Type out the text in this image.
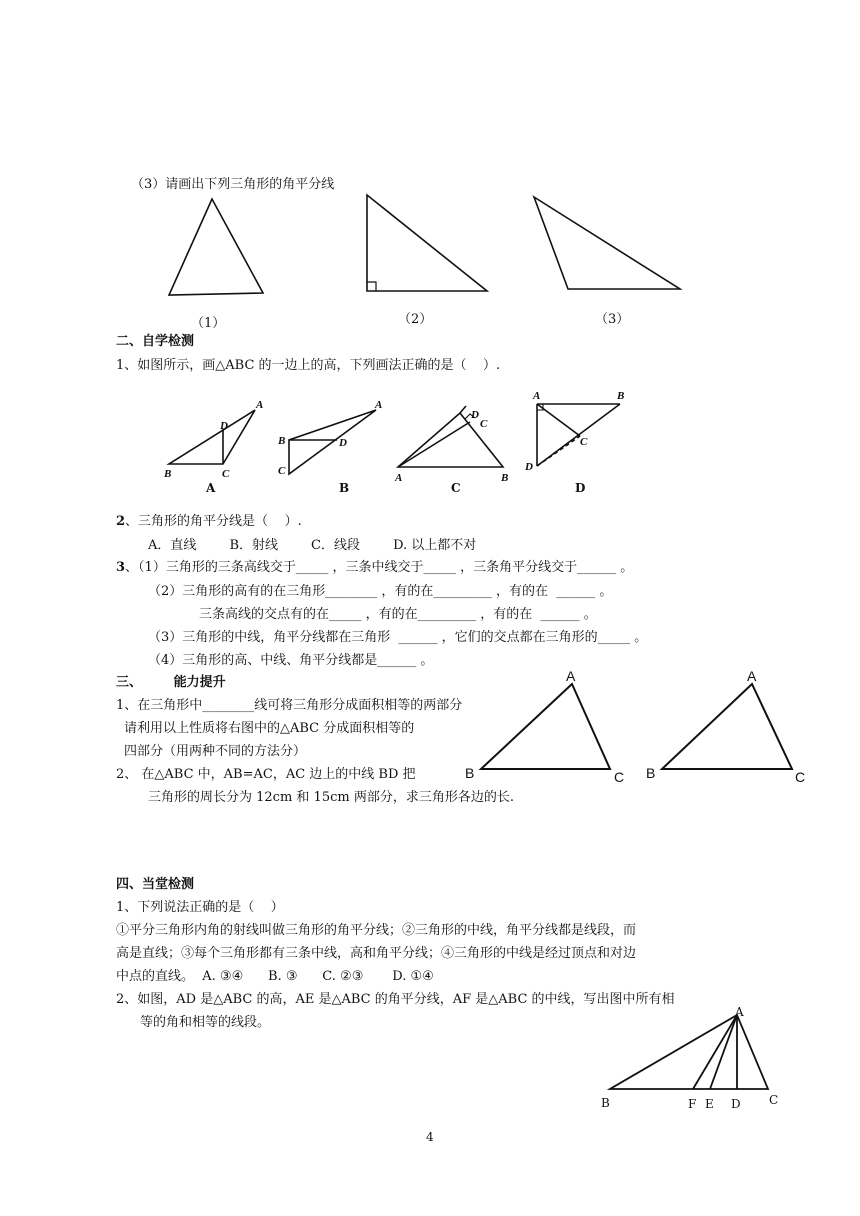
（3）请画出下列三角形的角平分线
A
D
B	C
A
B	D
C
D
C
A	B
A	B
C
D
（1）	（2）	（3）
二、自学检测
1、如图所示，画△ABC 的一边上的高，下列画法正确的是（    ）.
A	B	C	D
2、三角形的角平分线是（    ）.
A．直线        B．射线        C．线段        D. 以上都不对
3、（1）三角形的三条高线交于_____ ，三条中线交于_____ ，三条角平分线交于______ 。
（2）三角形的高有的在三角形________ ，有的在_________ ，有的在  ______ 。
三条高线的交点有的在_____ ，有的在_________ ，有的在  ______ 。
（3）三角形的中线，角平分线都在三角形  ______ ，它们的交点都在三角形的_____ 。
（4）三角形的高、中线、角平分线都是______ 。
三、       能力提升
1、在三角形中________线可将三角形分成面积相等的两部分
请利用以上性质将右图中的△ABC 分成面积相等的
四部分（用两种不同的方法分）
2、 在△ABC 中，AB=AC，AC 边上的中线 BD 把
三角形的周长分为 12cm 和 15cm 两部分，求三角形各边的长.
A
B	C
A
B	C
四、当堂检测
1、下列说法正确的是（    ）
①平分三角形内角的射线叫做三角形的角平分线；②三角形的中线，角平分线都是线段，而
高是直线；③每个三角形都有三条中线，高和角平分线；④三角形的中线是经过顶点和对边
中点的直线。  A. ③④      B. ③      C. ②③       D. ①④
2、如图，AD 是△ABC 的高，AE 是△ABC 的角平分线，AF 是△ABC 的中线，写出图中所有相
等的角和相等的线段。
A
B	F E D C
4
